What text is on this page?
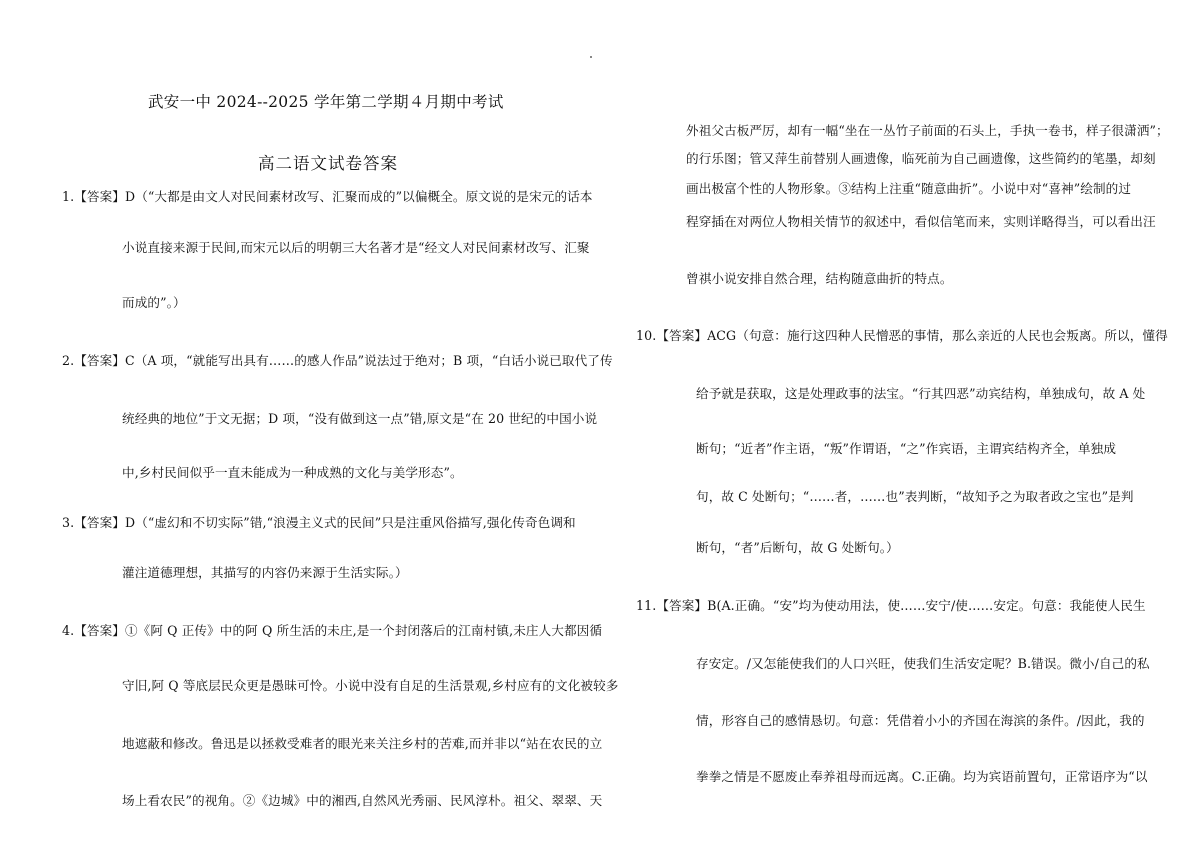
武安一中 2024--2025 学年第二学期４月期中考试
高二语文试卷答案
1.【答案】D（“大都是由文人对民间素材改写、汇聚而成的”以偏概全。原文说的是宋元的话本
小说直接来源于民间,而宋元以后的明朝三大名著才是“经文人对民间素材改写、汇聚
而成的”。）
2.【答案】C（A 项，“就能写出具有……的感人作品”说法过于绝对；B 项，“白话小说已取代了传
统经典的地位”于文无据；D 项，“没有做到这一点”错,原文是“在 20 世纪的中国小说
中,乡村民间似乎一直未能成为一种成熟的文化与美学形态”。
3.【答案】D（“虚幻和不切实际”错,“浪漫主义式的民间”只是注重风俗描写,强化传奇色调和
灌注道德理想，其描写的内容仍来源于生活实际。）
4.【答案】①《阿 Q 正传》中的阿 Q 所生活的未庄,是一个封闭落后的江南村镇,未庄人大都因循
守旧,阿 Q 等底层民众更是愚昧可怜。小说中没有自足的生活景观,乡村应有的文化被较多
地遮蔽和修改。鲁迅是以拯救受难者的眼光来关注乡村的苦难,而并非以“站在农民的立
场上看农民”的视角。②《边城》中的湘西,自然风光秀丽、民风淳朴。祖父、翠翠、天
外祖父古板严厉，却有一幅“坐在一丛竹子前面的石头上，手执一卷书，样子很潇洒”；
的行乐图；管又萍生前替别人画遗像，临死前为自己画遗像，这些简约的笔墨，却刻
画出极富个性的人物形象。③结构上注重“随意曲折”。小说中对“喜神”绘制的过
程穿插在对两位人物相关情节的叙述中，看似信笔而来，实则详略得当，可以看出汪
曾祺小说安排自然合理，结构随意曲折的特点。
10.【答案】ACG（句意：施行这四种人民憎恶的事情，那么亲近的人民也会叛离。所以，懂得
给予就是获取，这是处理政事的法宝。“行其四恶”动宾结构，单独成句，故 A 处
断句；“近者”作主语，“叛”作谓语，“之”作宾语，主谓宾结构齐全，单独成
句，故 C 处断句；“……者，……也”表判断，“故知予之为取者政之宝也”是判
断句，“者”后断句，故 G 处断句。）
11.【答案】B(A.正确。“安”均为使动用法，使……安宁/使……安定。句意：我能使人民生
存安定。/又怎能使我们的人口兴旺，使我们生活安定呢？B.错误。微小/自己的私
情，形容自己的感情恳切。句意：凭借着小小的齐国在海滨的条件。/因此，我的
拳拳之情是不愿废止奉养祖母而远离。C.正确。均为宾语前置句，正常语序为“以
